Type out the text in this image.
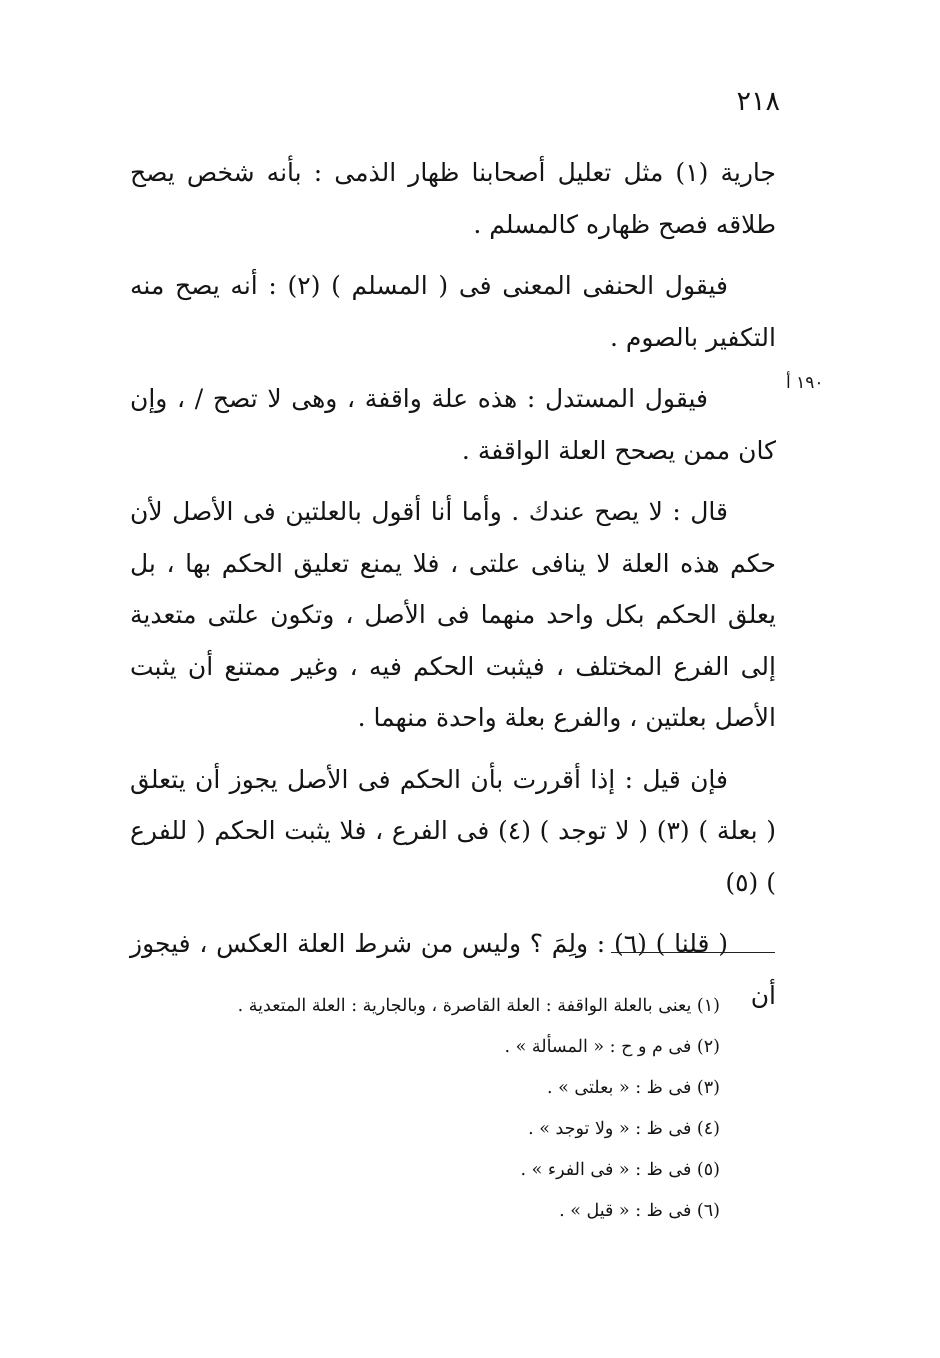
٢١٨
١٩٠ أ

جارية (١) مثل تعليل أصحابنا ظهار الذمى : بأنه شخص يصح طلاقه فصح ظهاره كالمسلم .

فيقول الحنفى المعنى فى ( المسلم ) (٢) : أنه يصح منه التكفير بالصوم .

فيقول المستدل : هذه علة واقفة ، وهى لا تصح / ، وإن كان ممن يصحح العلة الواقفة .

قال : لا يصح عندك . وأما أنا أقول بالعلتين فى الأصل لأن حكم هذه العلة لا ينافى علتى ، فلا يمنع تعليق الحكم بها ، بل يعلق الحكم بكل واحد منهما فى الأصل ، وتكون علتى متعدية إلى الفرع المختلف ، فيثبت الحكم فيه ، وغير ممتنع أن يثبت الأصل بعلتين ، والفرع بعلة واحدة منهما .

فإن قيل : إذا أقررت بأن الحكم فى الأصل يجوز أن يتعلق ( بعلة ) (٣) ( لا توجد ) (٤) فى الفرع ، فلا يثبت الحكم ( للفرع ) (٥)

( قلنا ) (٦) : ولِمَ ؟ وليس من شرط العلة العكس ، فيجوز أن

(١) يعنى بالعلة الواقفة : العلة القاصرة ، وبالجارية : العلة المتعدية .
(٢) فى م و ح : « المسألة » .
(٣) فى ظ : « بعلتى » .
(٤) فى ظ : « ولا توجد » .
(٥) فى ظ : « فى الفرء » .
(٦) فى ظ : « قيل » .
